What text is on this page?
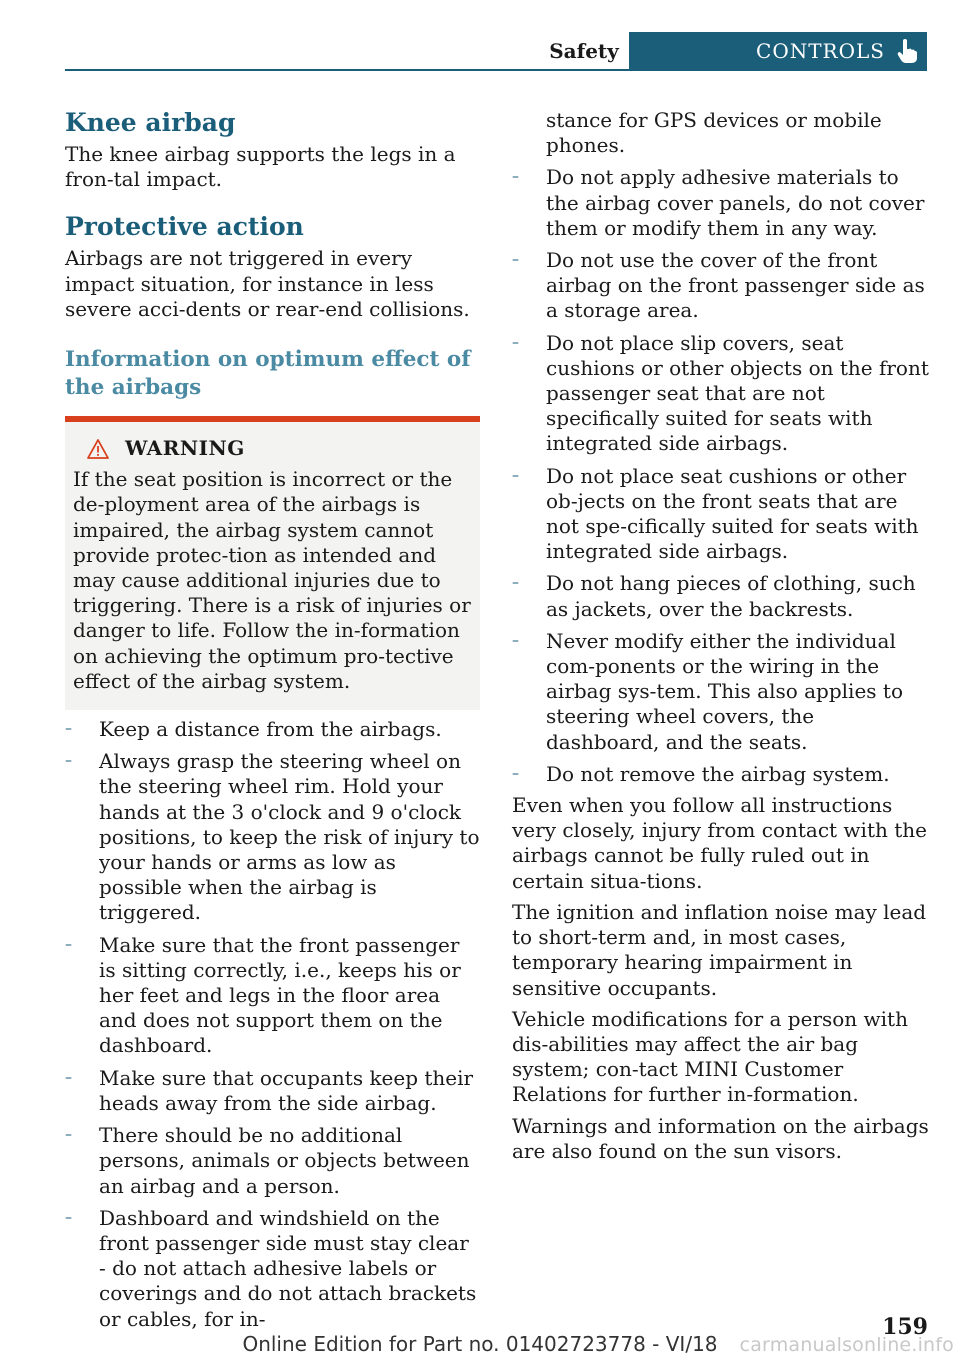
Safety	CONTROLS
Knee airbag

The knee airbag supports the legs in a fron-tal impact.

Protective action

Airbags are not triggered in every impact situation, for instance in less severe acci-dents or rear-end collisions.

Information on optimum effect of the airbags
WARNING

If the seat position is incorrect or the de-ployment area of the airbags is impaired, the airbag system cannot provide protec-tion as intended and may cause additional injuries due to triggering. There is a risk of injuries or danger to life. Follow the in-formation on achieving the optimum pro-tective effect of the airbag system.

– Keep a distance from the airbags.
– Always grasp the steering wheel on the steering wheel rim. Hold your hands at the 3 o'clock and 9 o'clock positions, to keep the risk of injury to your hands or arms as low as possible when the airbag is triggered.
– Make sure that the front passenger is sitting correctly, i.e., keeps his or her feet and legs in the floor area and does not support them on the dashboard.
– Make sure that occupants keep their heads away from the side airbag.
– There should be no additional persons, animals or objects between an airbag and a person.
– Dashboard and windshield on the front passenger side must stay clear - do not attach adhesive labels or coverings and do not attach brackets or cables, for in-

stance for GPS devices or mobile phones.

– Do not apply adhesive materials to the airbag cover panels, do not cover them or modify them in any way.
– Do not use the cover of the front airbag on the front passenger side as a storage area.
– Do not place slip covers, seat cushions or other objects on the front passenger seat that are not specifically suited for seats with integrated side airbags.
– Do not place seat cushions or other ob-jects on the front seats that are not spe-cifically suited for seats with integrated side airbags.
– Do not hang pieces of clothing, such as jackets, over the backrests.
– Never modify either the individual com-ponents or the wiring in the airbag sys-tem. This also applies to steering wheel covers, the dashboard, and the seats.
– Do not remove the airbag system.

Even when you follow all instructions very closely, injury from contact with the airbags cannot be fully ruled out in certain situa-tions.

The ignition and inflation noise may lead to short-term and, in most cases, temporary hearing impairment in sensitive occupants.

Vehicle modifications for a person with dis-abilities may affect the air bag system; con-tact MINI Customer Relations for further in-formation.

Warnings and information on the airbags are also found on the sun visors.

159
Online Edition for Part no. 01402723778 - VI/18	carmanualsonline.info
